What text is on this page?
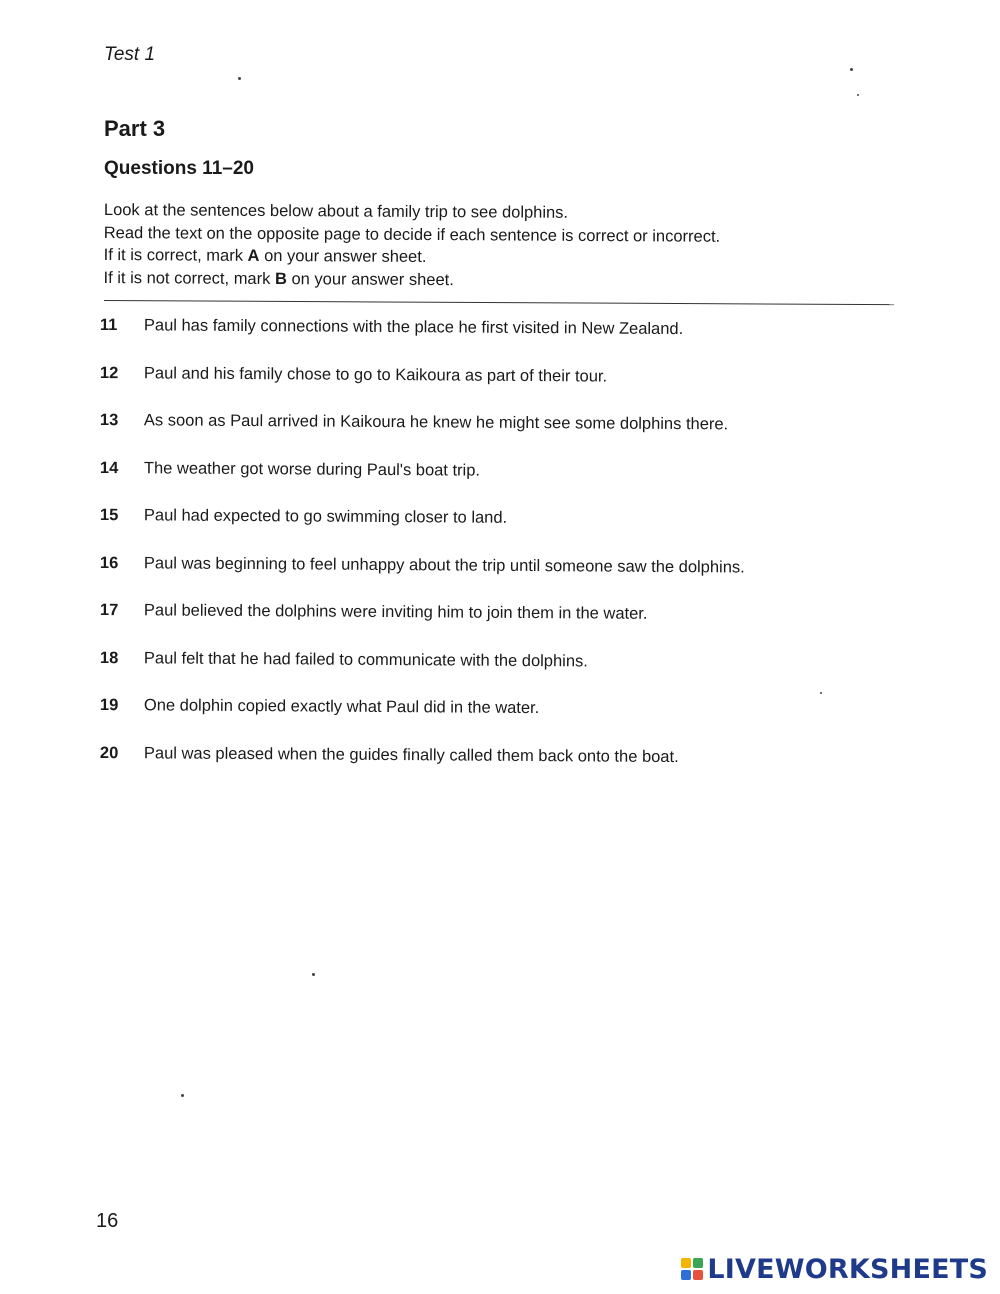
Test 1
Part 3
Questions 11–20
Look at the sentences below about a family trip to see dolphins.
Read the text on the opposite page to decide if each sentence is correct or incorrect.
If it is correct, mark A on your answer sheet.
If it is not correct, mark B on your answer sheet.
11	Paul has family connections with the place he first visited in New Zealand.
12	Paul and his family chose to go to Kaikoura as part of their tour.
13	As soon as Paul arrived in Kaikoura he knew he might see some dolphins there.
14	The weather got worse during Paul's boat trip.
15	Paul had expected to go swimming closer to land.
16	Paul was beginning to feel unhappy about the trip until someone saw the dolphins.
17	Paul believed the dolphins were inviting him to join them in the water.
18	Paul felt that he had failed to communicate with the dolphins.
19	One dolphin copied exactly what Paul did in the water.
20	Paul was pleased when the guides finally called them back onto the boat.
16
LIVEWORKSHEETS
